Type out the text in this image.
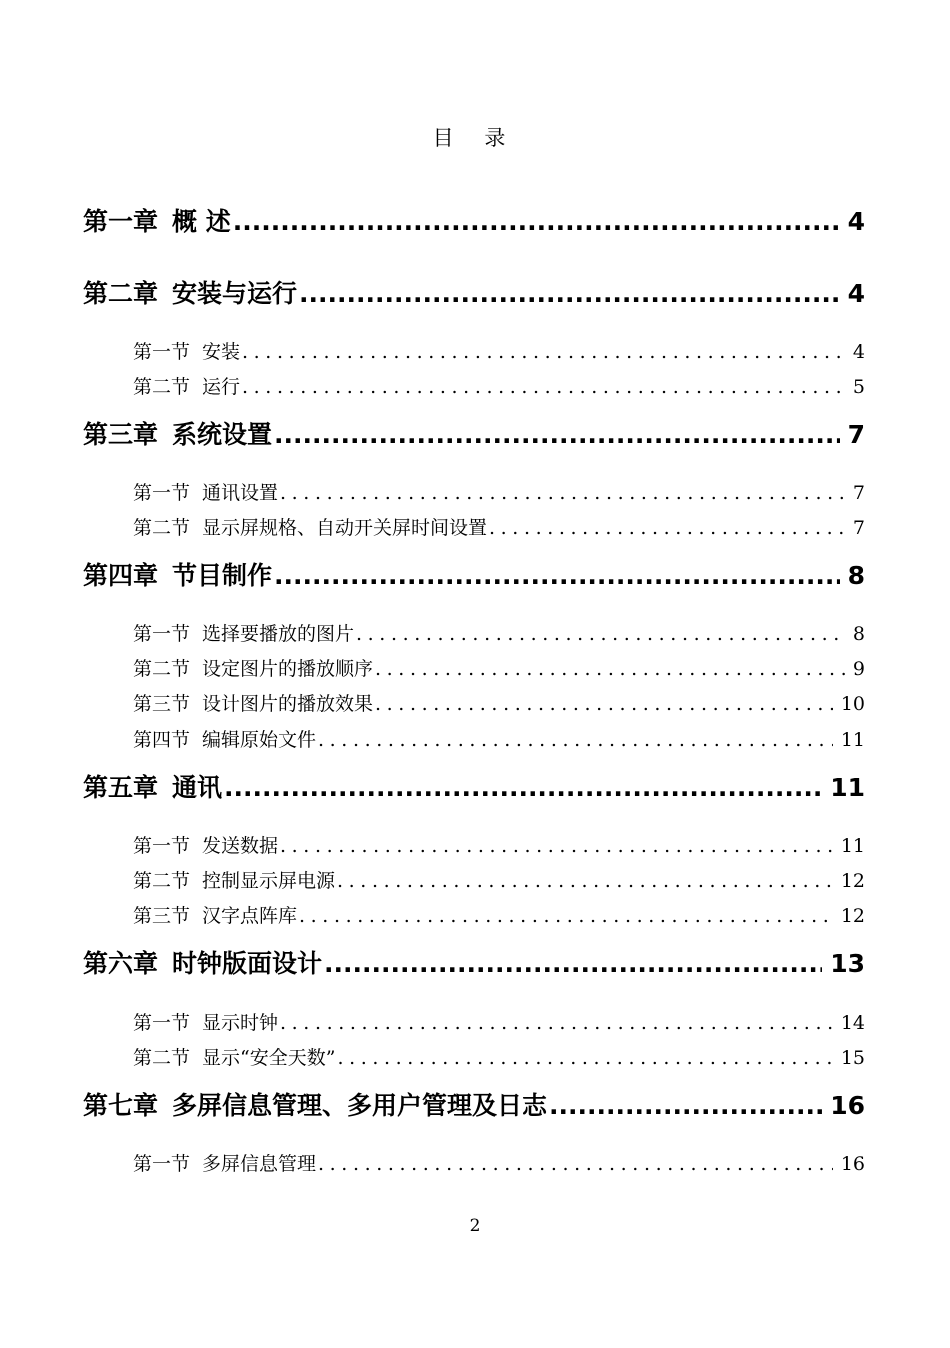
目 录
第一章 概 述 .....	4
第二章 安装与运行 .....	4
第一节 安装 .....	4
第二节 运行 .....	5
第三章 系统设置 .....	7
第一节 通讯设置 .....	7
第二节 显示屏规格、自动开关屏时间设置 .....	7
第四章 节目制作 .....	8
第一节 选择要播放的图片 .....	8
第二节 设定图片的播放顺序 .....	9
第三节 设计图片的播放效果 .....	10
第四节 编辑原始文件 .....	11
第五章 通讯 .....	11
第一节 发送数据 .....	11
第二节 控制显示屏电源 .....	12
第三节 汉字点阵库 .....	12
第六章 时钟版面设计 .....	13
第一节 显示时钟 .....	14
第二节 显示“安全天数” .....	15
第七章 多屏信息管理、多用户管理及日志 .....	16
第一节 多屏信息管理 .....	16
2
